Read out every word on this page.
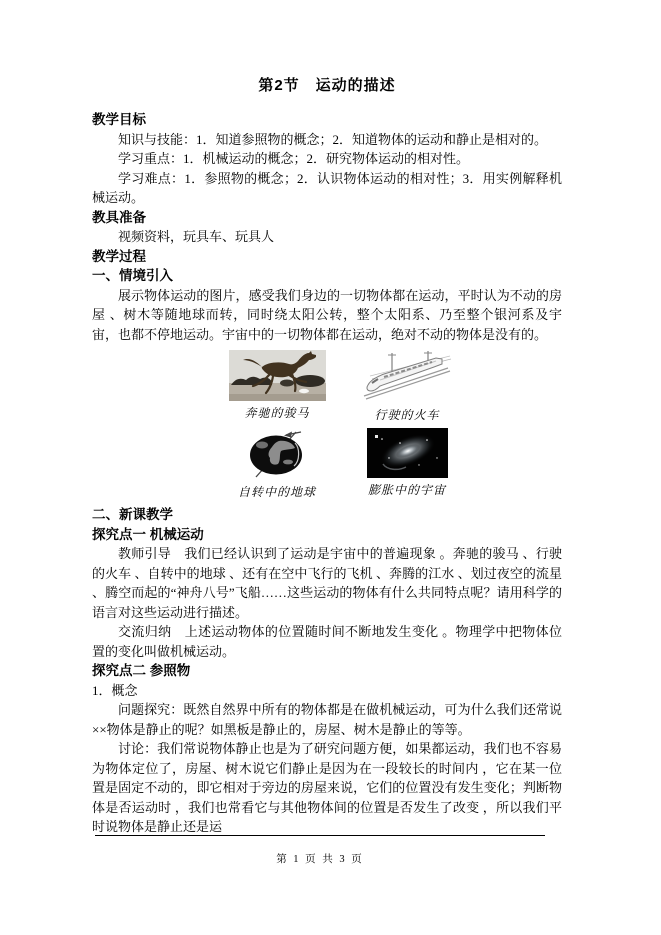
第2节　运动的描述
教学目标

知识与技能：1．知道参照物的概念；2．知道物体的运动和静止是相对的。

学习重点：1．机械运动的概念；2．研究物体运动的相对性。

学习难点：1．参照物的概念；2．认识物体运动的相对性；3．用实例解释机械运动。

教具准备

视频资料，玩具车、玩具人

教学过程
一、情境引入

展示物体运动的图片，感受我们身边的一切物体都在运动，平时认为不动的房屋 、树木等随地球而转，同时绕太阳公转，整个太阳系、乃至整个银河系及宇宙，也都不停地运动。宇宙中的一切物体都在运动，绝对不动的物体是没有的。

奔驰的骏马	行驶的火车
自转中的地球	膨胀中的宇宙
二、新课教学
探究点一 机械运动

教师引导　我们已经认识到了运动是宇宙中的普遍现象 。奔驰的骏马 、行驶的火车 、自转中的地球 、还有在空中飞行的飞机 、奔腾的江水 、划过夜空的流星 、腾空而起的“神舟八号”飞船……这些运动的物体有什么共同特点呢？请用科学的语言对这些运动进行描述。

交流归纳　上述运动物体的位置随时间不断地发生变化 。物理学中把物体位置的变化叫做机械运动。

探究点二 参照物

1．概念

问题探究：既然自然界中所有的物体都是在做机械运动，可为什么我们还常说××物体是静止的呢？如黑板是静止的，房屋、树木是静止的等等。

讨论：我们常说物体静止也是为了研究问题方便，如果都运动，我们也不容易为物体定位了，房屋、树木说它们静止是因为在一段较长的时间内 ，它在某一位置是固定不动的，即它相对于旁边的房屋来说，它们的位置没有发生变化；判断物体是否运动时 ，我们也常看它与其他物体间的位置是否发生了改变 ，所以我们平时说物体是静止还是运

第 1 页 共 3 页
